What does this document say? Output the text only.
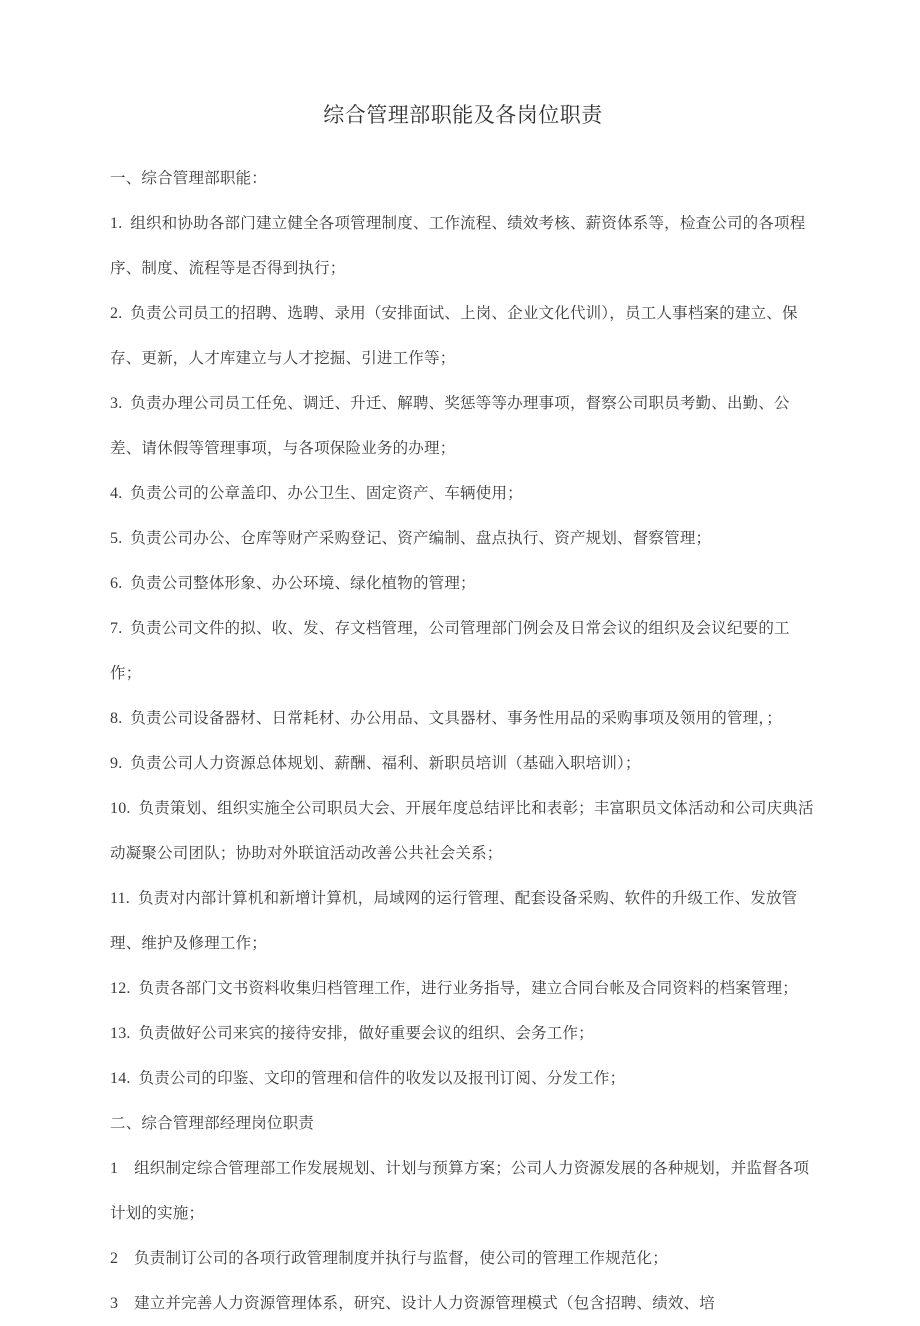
综合管理部职能及各岗位职责

一、综合管理部职能：

1.  组织和协助各部门建立健全各项管理制度、工作流程、绩效考核、薪资体系等，检查公司的各项程序、制度、流程等是否得到执行；

2.  负责公司员工的招聘、选聘、录用（安排面试、上岗、企业文化代训），员工人事档案的建立、保存、更新，人才库建立与人才挖掘、引进工作等；

3.  负责办理公司员工任免、调迁、升迁、解聘、奖惩等等办理事项，督察公司职员考勤、出勤、公差、请休假等管理事项，与各项保险业务的办理；

4.  负责公司的公章盖印、办公卫生、固定资产、车辆使用；

5.  负责公司办公、仓库等财产采购登记、资产编制、盘点执行、资产规划、督察管理；

6.  负责公司整体形象、办公环境、绿化植物的管理；

7.  负责公司文件的拟、收、发、存文档管理，公司管理部门例会及日常会议的组织及会议纪要的工作；

8.  负责公司设备器材、日常耗材、办公用品、文具器材、事务性用品的采购事项及领用的管理，；

9.  负责公司人力资源总体规划、薪酬、福利、新职员培训（基础入职培训）；

10.  负责策划、组织实施全公司职员大会、开展年度总结评比和表彰；丰富职员文体活动和公司庆典活动凝聚公司团队；协助对外联谊活动改善公共社会关系；

11.  负责对内部计算机和新增计算机，局域网的运行管理、配套设备采购、软件的升级工作、发放管理、维护及修理工作；

12.  负责各部门文书资料收集归档管理工作，进行业务指导，建立合同台帐及合同资料的档案管理；

13.  负责做好公司来宾的接待安排，做好重要会议的组织、会务工作；

14.  负责公司的印鉴、文印的管理和信件的收发以及报刊订阅、分发工作；

二、综合管理部经理岗位职责

1   组织制定综合管理部工作发展规划、计划与预算方案；公司人力资源发展的各种规划，并监督各项计划的实施；

2   负责制订公司的各项行政管理制度并执行与监督，使公司的管理工作规范化；

3   建立并完善人力资源管理体系，研究、设计人力资源管理模式（包含招聘、绩效、培
